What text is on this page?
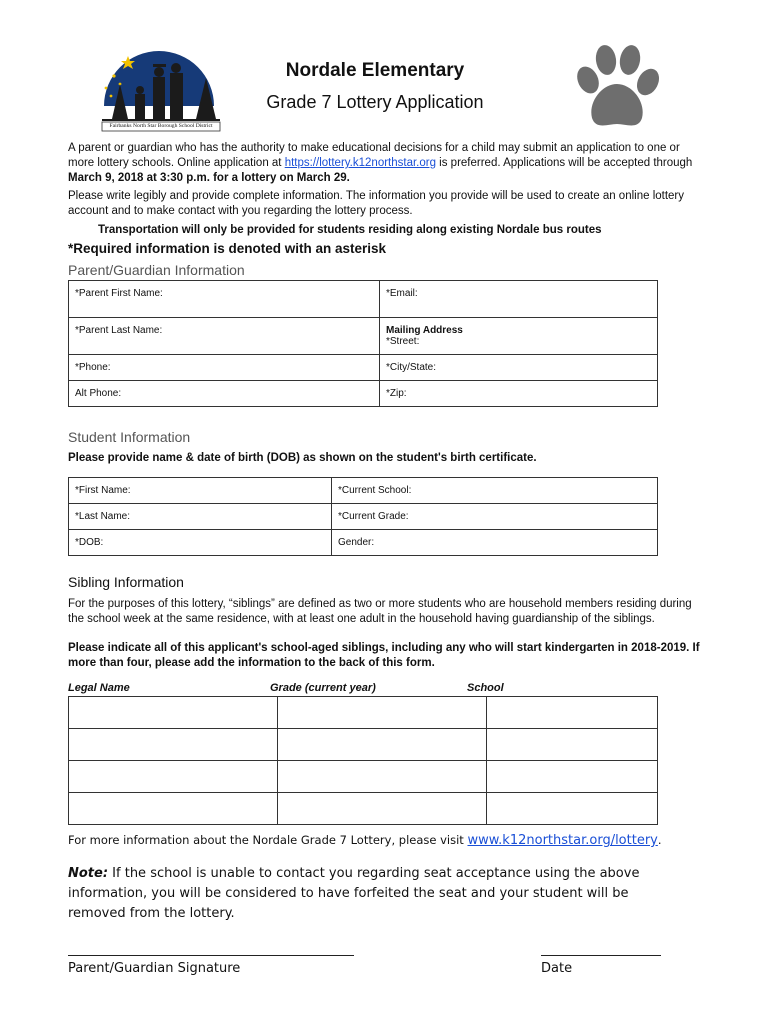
Fairbanks North Star Borough School District
Nordale Elementary
Grade 7 Lottery Application
A parent or guardian who has the authority to make educational decisions for a child may submit an application to one or more lottery schools. Online application at https://lottery.k12northstar.org is preferred. Applications will be accepted through March 9, 2018 at 3:30 p.m. for a lottery on March 29.
Please write legibly and provide complete information. The information you provide will be used to create an online lottery account and to make contact with you regarding the lottery process.
Transportation will only be provided for students residing along existing Nordale bus routes
*Required information is denoted with an asterisk
Parent/Guardian Information
*Parent First Name:	*Email:
*Parent Last Name:	Mailing Address
*Street:

*Phone:	*City/State:
Alt Phone:	*Zip:
Student Information
Please provide name & date of birth (DOB) as shown on the student's birth certificate.
*First Name:	*Current School:
*Last Name:	*Current Grade:
*DOB:	Gender:
Sibling Information
For the purposes of this lottery, “siblings” are defined as two or more students who are household members residing during the school week at the same residence, with at least one adult in the household having guardianship of the siblings.
Please indicate all of this applicant's school-aged siblings, including any who will start kindergarten in 2018-2019. If more than four, please add the information to the back of this form.
Legal Name	Grade (current year)	School

For more information about the Nordale Grade 7 Lottery, please visit www.k12northstar.org/lottery.
Note: If the school is unable to contact you regarding seat acceptance using the above information, you will be considered to have forfeited the seat and your student will be removed from the lottery.
Parent/Guardian Signature	Date
